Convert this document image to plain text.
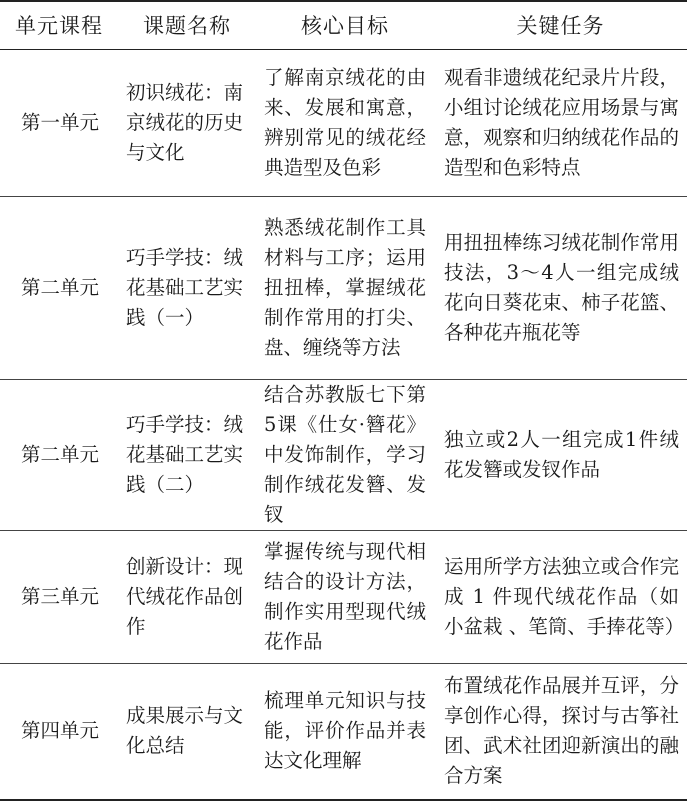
单元课程	课题名称	核心目标	关键任务
第一单元	初识绒花：南京绒花的历史与文化	了解南京绒花的由来、发展和寓意，辨别常见的绒花经典造型及色彩	观看非遗绒花纪录片片段，小组讨论绒花应用场景与寓意，观察和归纳绒花作品的造型和色彩特点
第二单元	巧手学技：绒花基础工艺实践（一）	熟悉绒花制作工具材料与工序；运用扭扭棒，掌握绒花制作常用的打尖、盘、缠绕等方法	用扭扭棒练习绒花制作常用技法，3～4人一组完成绒花向日葵花束、柿子花篮、各种花卉瓶花等
第二单元	巧手学技：绒花基础工艺实践（二）	结合苏教版七下第5课《仕女·簪花》中发饰制作，学习制作绒花发簪、发钗	独立或2人一组完成1件绒花发簪或发钗作品
第三单元	创新设计：现代绒花作品创作	掌握传统与现代相结合的设计方法，制作实用型现代绒花作品	运用所学方法独立或合作完成 1 件现代绒花作品（如小盆栽 、笔筒、手捧花等）
第四单元	成果展示与文化总结	梳理单元知识与技能，评价作品并表达文化理解	布置绒花作品展并互评，分享创作心得，探讨与古筝社团、武术社团迎新演出的融合方案
